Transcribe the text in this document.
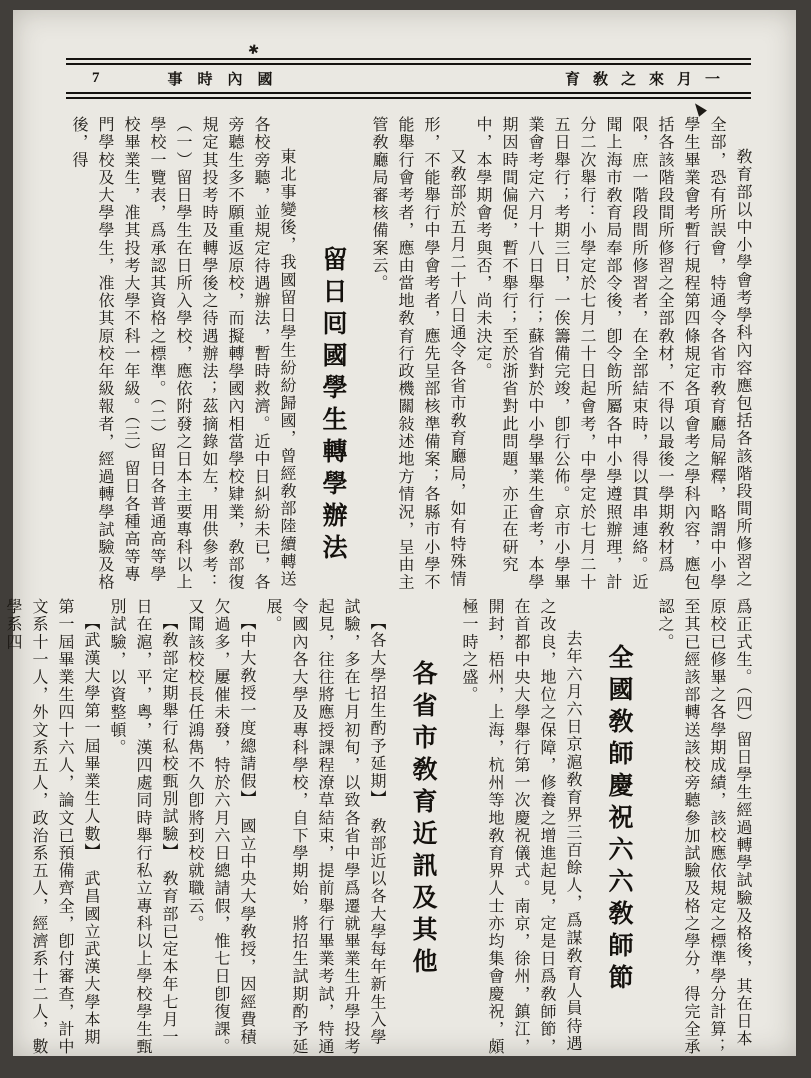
✱
7	事時內國	育敎之來月一

敎育部以中小學會考學科內容應包括各該階段間所修習之全部，恐有所誤會，特通令各省市敎育廳局解釋，略謂中小學學生畢業會考暫行規程第四條規定各項會考之學科內容，應包括各該階段間所修習之全部敎材，不得以最後一學期敎材爲限，庶一階段間所修習者，在全部結束時，得以貫串連絡。近聞上海市敎育局奉部令後，卽令飭所屬各中小學遵照辦理，計分二次舉行：小學定於七月二十日起會考，中學定於七月二十五日舉行；考期三日，一俟籌備完竣，卽行公佈。京市小學畢業會考定六月十八日舉行；蘇省對於中小學畢業生會考，本學期因時間偏促，暫不舉行；至於浙省對此問題，亦正在研究中，本學期會考與否，尚未決定。

又敎部於五月二十八日通令各省市敎育廳局，如有特殊情形，不能舉行中學會考者，應先呈部核準備案；各縣市小學不能舉行會考者，應由當地敎育行政機關敍述地方情況，呈由主管敎廳局審核備案云。

留日囘國學生轉學辦法

東北事變後，我國留日學生紛紛歸國，曾經敎部陸續轉送各校旁聽，並規定待遇辦法，暫時救濟。近中日糾紛未已，各旁聽生多不願重返原校，而擬轉學國內相當學校肄業，敎部復規定其投考時及轉學後之待遇辦法；茲摘錄如左，用供參考：（一）留日學生在日所入學校，應依附發之日本主要專科以上學校一覽表，爲承認其資格之標準。（二）留日各普通高等學校畢業生，准其投考大學不科一年級。（三）留日各種高等專門學校及大學學生，准依其原校年級報者，經過轉學試驗及格後，得

爲正式生。（四）留日學生經過轉學試驗及格後，其在日本原校已修畢之各學期成績，該校應依規定之標準學分計算；至其已經該部轉送該校旁聽參加試驗及格之學分，得完全承認之。

全國敎師慶祝六六敎師節

去年六月六日京滬敎育界三百餘人，爲謀敎育人員待遇之改良，地位之保障，修養之增進起見，定是日爲敎師節，在首都中央大學舉行第一次慶祝儀式。南京，徐州，鎮江，開封，梧州，上海，杭州等地敎育界人士亦均集會慶祝，頗極一時之盛。

各省市敎育近訊及其他

【各大學招生酌予延期】　敎部近以各大學每年新生入學試驗，多在七月初旬，以致各省中學爲遷就畢業生升學投考起見，往往將應授課程潦草結束，提前舉行畢業考試，特通令國內各大學及專科學校，自下學期始，將招生試期酌予延展。

【中大敎授一度總請假】　國立中央大學敎授，因經費積欠過多，屢催未發，特於六月六日總請假，惟七日卽復課。又聞該校校長任鴻雋不久卽將到校就職云。

【敎部定期舉行私校甄別試驗】　敎育部已定本年七月一日在滬，平，粵，漢四處同時舉行私立專科以上學校學生甄別試驗，以資整頓。

【武漢大學第一屆畢業生人數】　武昌國立武漢大學本期第一屆畢業生四十六人，論文已預備齊全，卽付審查，計中文系十一人，外文系五人，政治系五人，經濟系十二人，數學系四
